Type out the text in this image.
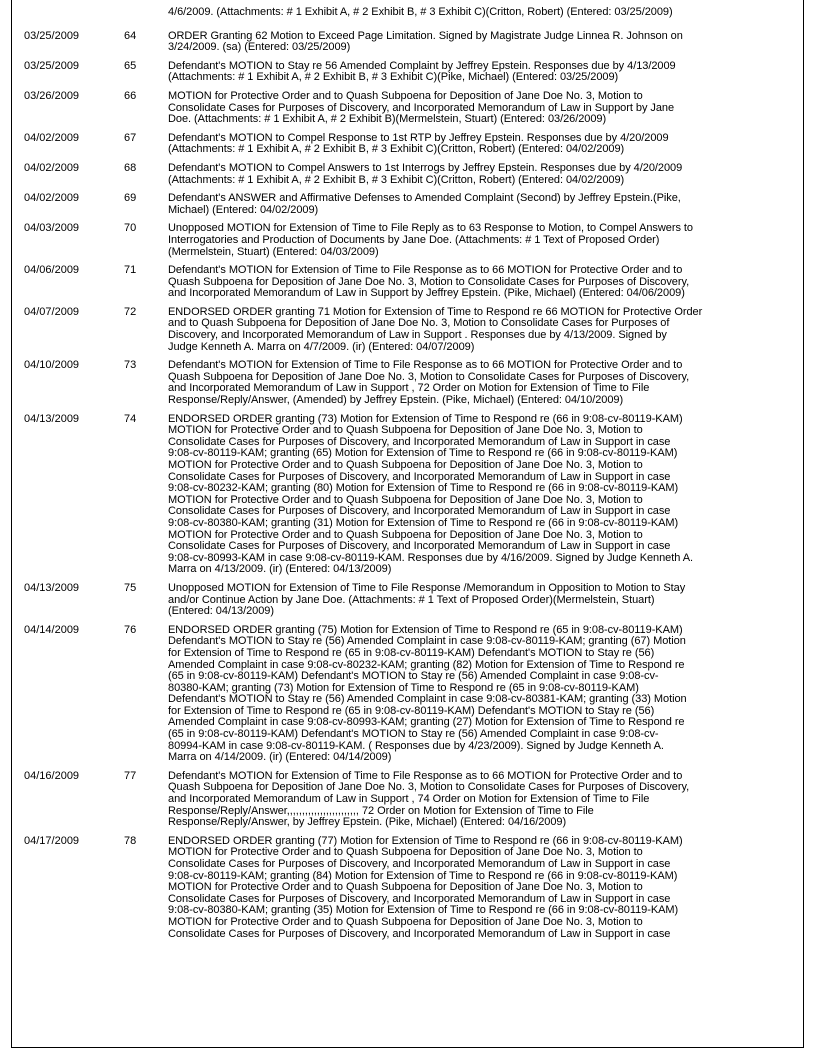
4/6/2009. (Attachments: # 1 Exhibit A, # 2 Exhibit B, # 3 Exhibit C)(Critton, Robert) (Entered: 03/25/2009)
03/25/2009	64	ORDER Granting 62 Motion to Exceed Page Limitation. Signed by Magistrate Judge Linnea R. Johnson on
3/24/2009. (sa) (Entered: 03/25/2009)
03/25/2009	65	Defendant's MOTION to Stay re 56 Amended Complaint by Jeffrey Epstein. Responses due by 4/13/2009
(Attachments: # 1 Exhibit A, # 2 Exhibit B, # 3 Exhibit C)(Pike, Michael) (Entered: 03/25/2009)
03/26/2009	66	MOTION for Protective Order and to Quash Subpoena for Deposition of Jane Doe No. 3, Motion to
Consolidate Cases for Purposes of Discovery, and Incorporated Memorandum of Law in Support by Jane
Doe. (Attachments: # 1 Exhibit A, # 2 Exhibit B)(Mermelstein, Stuart) (Entered: 03/26/2009)
04/02/2009	67	Defendant's MOTION to Compel Response to 1st RTP by Jeffrey Epstein. Responses due by 4/20/2009
(Attachments: # 1 Exhibit A, # 2 Exhibit B, # 3 Exhibit C)(Critton, Robert) (Entered: 04/02/2009)
04/02/2009	68	Defendant's MOTION to Compel Answers to 1st Interrogs by Jeffrey Epstein. Responses due by 4/20/2009
(Attachments: # 1 Exhibit A, # 2 Exhibit B, # 3 Exhibit C)(Critton, Robert) (Entered: 04/02/2009)
04/02/2009	69	Defendant's ANSWER and Affirmative Defenses to Amended Complaint (Second) by Jeffrey Epstein.(Pike,
Michael) (Entered: 04/02/2009)
04/03/2009	70	Unopposed MOTION for Extension of Time to File Reply as to 63 Response to Motion, to Compel Answers to
Interrogatories and Production of Documents by Jane Doe. (Attachments: # 1 Text of Proposed Order)
(Mermelstein, Stuart) (Entered: 04/03/2009)
04/06/2009	71	Defendant's MOTION for Extension of Time to File Response as to 66 MOTION for Protective Order and to
Quash Subpoena for Deposition of Jane Doe No. 3, Motion to Consolidate Cases for Purposes of Discovery,
and Incorporated Memorandum of Law in Support by Jeffrey Epstein. (Pike, Michael) (Entered: 04/06/2009)
04/07/2009	72	ENDORSED ORDER granting 71 Motion for Extension of Time to Respond re 66 MOTION for Protective Order
and to Quash Subpoena for Deposition of Jane Doe No. 3, Motion to Consolidate Cases for Purposes of
Discovery, and Incorporated Memorandum of Law in Support . Responses due by 4/13/2009. Signed by
Judge Kenneth A. Marra on 4/7/2009. (ir) (Entered: 04/07/2009)
04/10/2009	73	Defendant's MOTION for Extension of Time to File Response as to 66 MOTION for Protective Order and to
Quash Subpoena for Deposition of Jane Doe No. 3, Motion to Consolidate Cases for Purposes of Discovery,
and Incorporated Memorandum of Law in Support , 72 Order on Motion for Extension of Time to File
Response/Reply/Answer, (Amended) by Jeffrey Epstein. (Pike, Michael) (Entered: 04/10/2009)
04/13/2009	74	ENDORSED ORDER granting (73) Motion for Extension of Time to Respond re (66 in 9:08-cv-80119-KAM)
MOTION for Protective Order and to Quash Subpoena for Deposition of Jane Doe No. 3, Motion to
Consolidate Cases for Purposes of Discovery, and Incorporated Memorandum of Law in Support in case
9:08-cv-80119-KAM; granting (65) Motion for Extension of Time to Respond re (66 in 9:08-cv-80119-KAM)
MOTION for Protective Order and to Quash Subpoena for Deposition of Jane Doe No. 3, Motion to
Consolidate Cases for Purposes of Discovery, and Incorporated Memorandum of Law in Support in case
9:08-cv-80232-KAM; granting (80) Motion for Extension of Time to Respond re (66 in 9:08-cv-80119-KAM)
MOTION for Protective Order and to Quash Subpoena for Deposition of Jane Doe No. 3, Motion to
Consolidate Cases for Purposes of Discovery, and Incorporated Memorandum of Law in Support in case
9:08-cv-80380-KAM; granting (31) Motion for Extension of Time to Respond re (66 in 9:08-cv-80119-KAM)
MOTION for Protective Order and to Quash Subpoena for Deposition of Jane Doe No. 3, Motion to
Consolidate Cases for Purposes of Discovery, and Incorporated Memorandum of Law in Support in case
9:08-cv-80993-KAM in case 9:08-cv-80119-KAM. Responses due by 4/16/2009. Signed by Judge Kenneth A.
Marra on 4/13/2009. (ir) (Entered: 04/13/2009)
04/13/2009	75	Unopposed MOTION for Extension of Time to File Response /Memorandum in Opposition to Motion to Stay
and/or Continue Action by Jane Doe. (Attachments: # 1 Text of Proposed Order)(Mermelstein, Stuart)
(Entered: 04/13/2009)
04/14/2009	76	ENDORSED ORDER granting (75) Motion for Extension of Time to Respond re (65 in 9:08-cv-80119-KAM)
Defendant's MOTION to Stay re (56) Amended Complaint in case 9:08-cv-80119-KAM; granting (67) Motion
for Extension of Time to Respond re (65 in 9:08-cv-80119-KAM) Defendant's MOTION to Stay re (56)
Amended Complaint in case 9:08-cv-80232-KAM; granting (82) Motion for Extension of Time to Respond re
(65 in 9:08-cv-80119-KAM) Defendant's MOTION to Stay re (56) Amended Complaint in case 9:08-cv-
80380-KAM; granting (73) Motion for Extension of Time to Respond re (65 in 9:08-cv-80119-KAM)
Defendant's MOTION to Stay re (56) Amended Complaint in case 9:08-cv-80381-KAM; granting (33) Motion
for Extension of Time to Respond re (65 in 9:08-cv-80119-KAM) Defendant's MOTION to Stay re (56)
Amended Complaint in case 9:08-cv-80993-KAM; granting (27) Motion for Extension of Time to Respond re
(65 in 9:08-cv-80119-KAM) Defendant's MOTION to Stay re (56) Amended Complaint in case 9:08-cv-
80994-KAM in case 9:08-cv-80119-KAM. ( Responses due by 4/23/2009). Signed by Judge Kenneth A.
Marra on 4/14/2009. (ir) (Entered: 04/14/2009)
04/16/2009	77	Defendant's MOTION for Extension of Time to File Response as to 66 MOTION for Protective Order and to
Quash Subpoena for Deposition of Jane Doe No. 3, Motion to Consolidate Cases for Purposes of Discovery,
and Incorporated Memorandum of Law in Support , 74 Order on Motion for Extension of Time to File
Response/Reply/Answer,,,,,,,,,,,,,,,,,,,,,,,, 72 Order on Motion for Extension of Time to File
Response/Reply/Answer, by Jeffrey Epstein. (Pike, Michael) (Entered: 04/16/2009)
04/17/2009	78	ENDORSED ORDER granting (77) Motion for Extension of Time to Respond re (66 in 9:08-cv-80119-KAM)
MOTION for Protective Order and to Quash Subpoena for Deposition of Jane Doe No. 3, Motion to
Consolidate Cases for Purposes of Discovery, and Incorporated Memorandum of Law in Support in case
9:08-cv-80119-KAM; granting (84) Motion for Extension of Time to Respond re (66 in 9:08-cv-80119-KAM)
MOTION for Protective Order and to Quash Subpoena for Deposition of Jane Doe No. 3, Motion to
Consolidate Cases for Purposes of Discovery, and Incorporated Memorandum of Law in Support in case
9:08-cv-80380-KAM; granting (35) Motion for Extension of Time to Respond re (66 in 9:08-cv-80119-KAM)
MOTION for Protective Order and to Quash Subpoena for Deposition of Jane Doe No. 3, Motion to
Consolidate Cases for Purposes of Discovery, and Incorporated Memorandum of Law in Support in case
